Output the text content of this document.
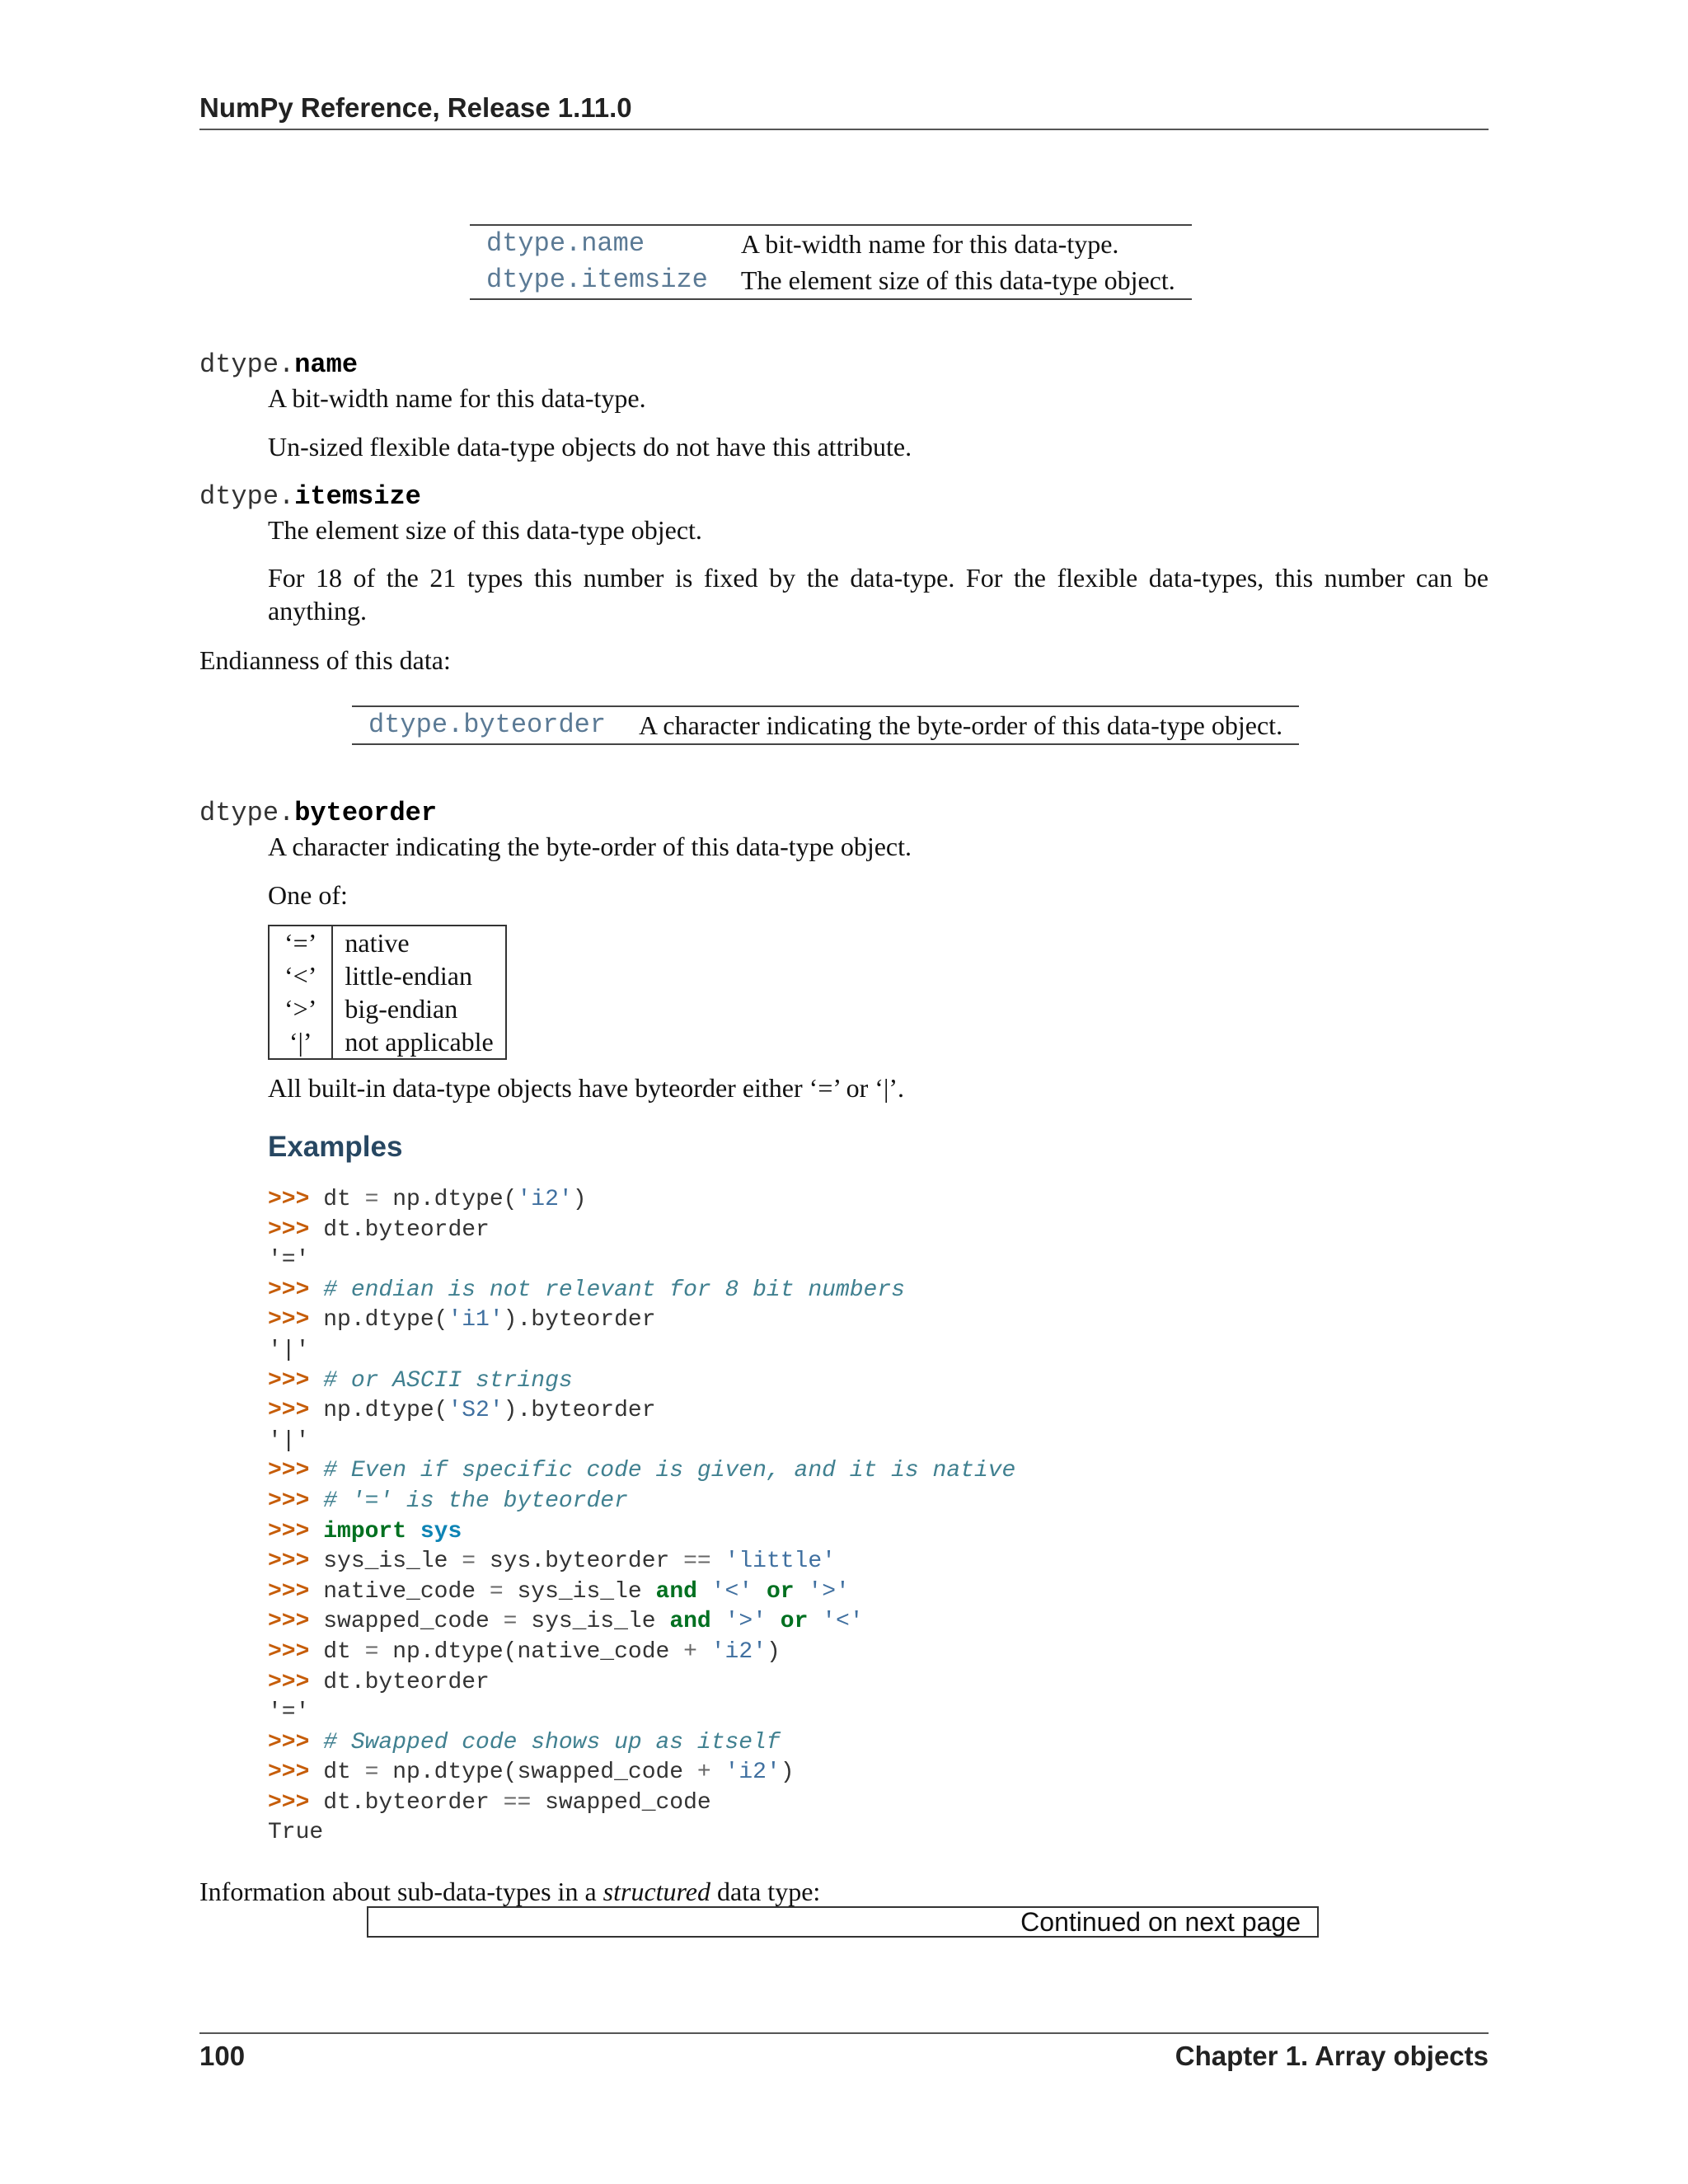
NumPy Reference, Release 1.11.0
dtype.name	A bit-width name for this data-type.
dtype.itemsize	The element size of this data-type object.
dtype.name
A bit-width name for this data-type.
Un-sized flexible data-type objects do not have this attribute.
dtype.itemsize
The element size of this data-type object.
For 18 of the 21 types this number is fixed by the data-type. For the flexible data-types, this number can be anything.
Endianness of this data:
dtype.byteorder	A character indicating the byte-order of this data-type object.
dtype.byteorder
A character indicating the byte-order of this data-type object.
One of:
‘=’	native
‘<’	little-endian
‘>’	big-endian
‘|’	not applicable
All built-in data-type objects have byteorder either ‘=’ or ‘|’.
Examples
>>> dt = np.dtype('i2')
>>> dt.byteorder
'='
>>> # endian is not relevant for 8 bit numbers
>>> np.dtype('i1').byteorder
'|'
>>> # or ASCII strings
>>> np.dtype('S2').byteorder
'|'
>>> # Even if specific code is given, and it is native
>>> # '=' is the byteorder
>>> import sys
>>> sys_is_le = sys.byteorder == 'little'
>>> native_code = sys_is_le and '<' or '>'
>>> swapped_code = sys_is_le and '>' or '<'
>>> dt = np.dtype(native_code + 'i2')
>>> dt.byteorder
'='
>>> # Swapped code shows up as itself
>>> dt = np.dtype(swapped_code + 'i2')
>>> dt.byteorder == swapped_code
True
Information about sub-data-types in a structured data type:
Continued on next page
100	Chapter 1. Array objects
